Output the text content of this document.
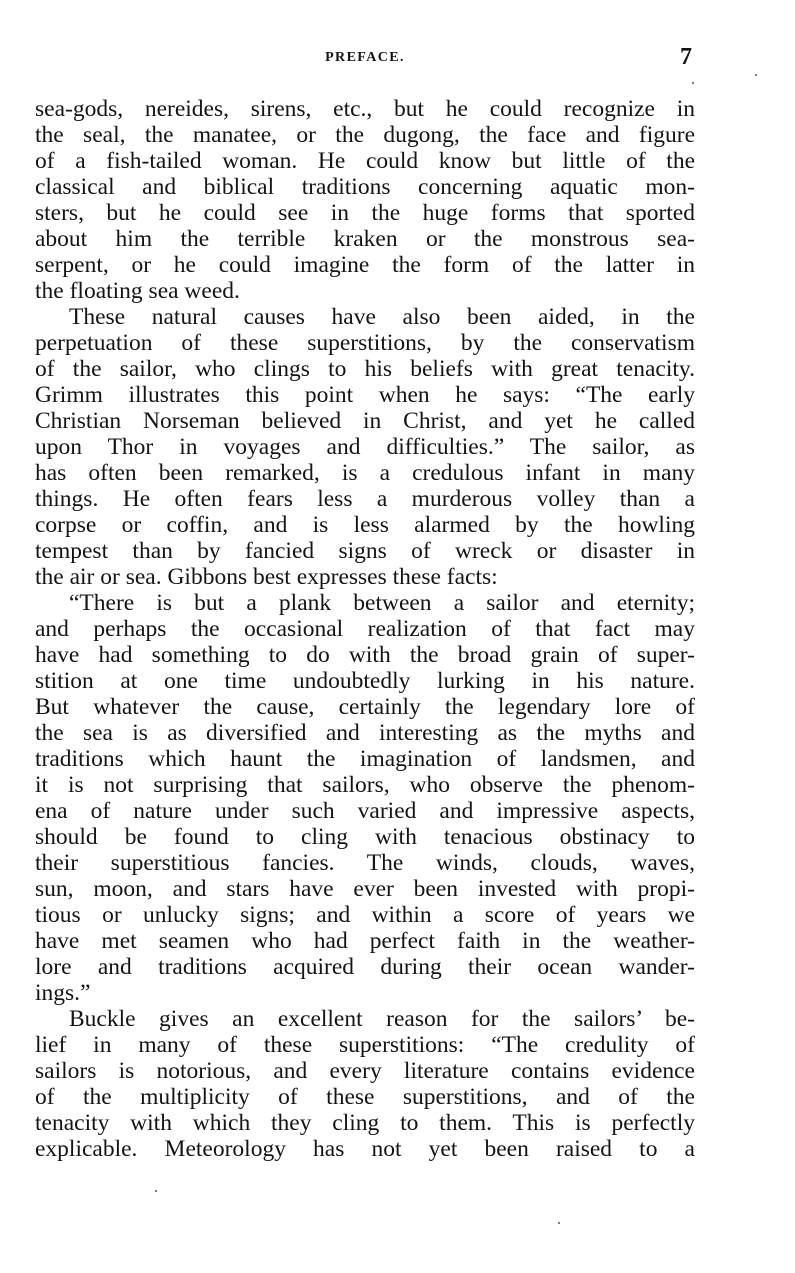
PREFACE.	7
sea-gods, nereides, sirens, etc., but he could recognize in
the seal, the manatee, or the dugong, the face and figure
of a fish-tailed woman. He could know but little of the
classical and biblical traditions concerning aquatic mon-
sters, but he could see in the huge forms that sported
about him the terrible kraken or the monstrous sea-
serpent, or he could imagine the form of the latter in
the floating sea weed.
These natural causes have also been aided, in the
perpetuation of these superstitions, by the conservatism
of the sailor, who clings to his beliefs with great tenacity.
Grimm illustrates this point when he says: “The early
Christian Norseman believed in Christ, and yet he called
upon Thor in voyages and difficulties.” The sailor, as
has often been remarked, is a credulous infant in many
things. He often fears less a murderous volley than a
corpse or coffin, and is less alarmed by the howling
tempest than by fancied signs of wreck or disaster in
the air or sea. Gibbons best expresses these facts:
“There is but a plank between a sailor and eternity;
and perhaps the occasional realization of that fact may
have had something to do with the broad grain of super-
stition at one time undoubtedly lurking in his nature.
But whatever the cause, certainly the legendary lore of
the sea is as diversified and interesting as the myths and
traditions which haunt the imagination of landsmen, and
it is not surprising that sailors, who observe the phenom-
ena of nature under such varied and impressive aspects,
should be found to cling with tenacious obstinacy to
their superstitious fancies. The winds, clouds, waves,
sun, moon, and stars have ever been invested with propi-
tious or unlucky signs; and within a score of years we
have met seamen who had perfect faith in the weather-
lore and traditions acquired during their ocean wander-
ings.”
Buckle gives an excellent reason for the sailors’ be-
lief in many of these superstitions: “The credulity of
sailors is notorious, and every literature contains evidence
of the multiplicity of these superstitions, and of the
tenacity with which they cling to them. This is perfectly
explicable. Meteorology has not yet been raised to a
